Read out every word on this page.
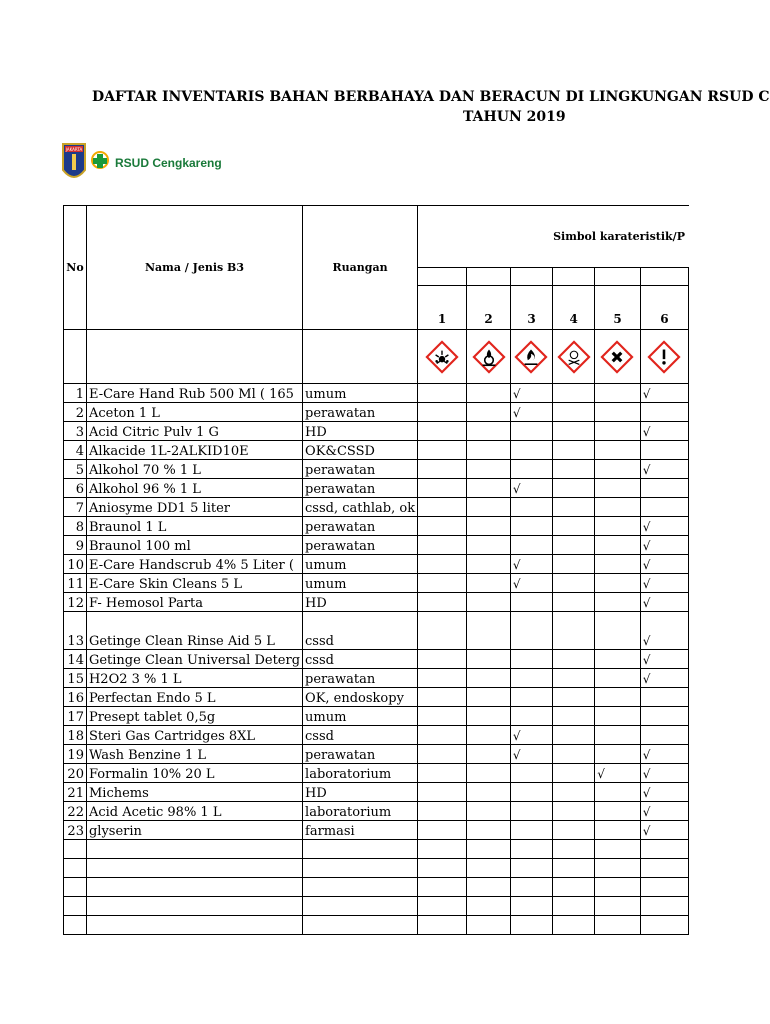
DAFTAR INVENTARIS BAHAN BERBAHAYA DAN BERACUN DI LINGKUNGAN RSUD C
TAHUN 2019
JAKARTA
RSUD Cengkareng
No	Nama / Jenis B3	Ruangan	Simbol karateristik/P					

			1	2	3	4	5	6

1	E-Care Hand Rub 500 Ml ( 165	umum			√			√
2	Aceton 1 L	perawatan			√			
3	Acid Citric Pulv 1 G	HD						√
4	Alkacide 1L-2ALKID10E	OK&CSSD						
5	Alkohol 70 % 1 L	perawatan						√
6	Alkohol 96 % 1 L	perawatan			√			
7	Aniosyme DD1 5 liter	cssd, cathlab, ok						
8	Braunol 1 L	perawatan						√
9	Braunol 100 ml	perawatan						√
10	E-Care Handscrub 4% 5 Liter (	umum			√			√
11	E-Care Skin Cleans 5 L	umum			√			√
12	F- Hemosol Parta	HD						√
13	Getinge Clean Rinse Aid 5 L	cssd						√
14	Getinge Clean Universal Deterg	cssd						√
15	H2O2 3 % 1 L	perawatan						√
16	Perfectan Endo 5 L	OK, endoskopy						
17	Presept tablet 0,5g	umum						
18	Steri Gas Cartridges 8XL	cssd			√			
19	Wash Benzine 1 L	perawatan			√			√
20	Formalin 10% 20 L	laboratorium					√	√
21	Michems	HD						√
22	Acid Acetic 98% 1 L	laboratorium						√
23	glyserin	farmasi						√
